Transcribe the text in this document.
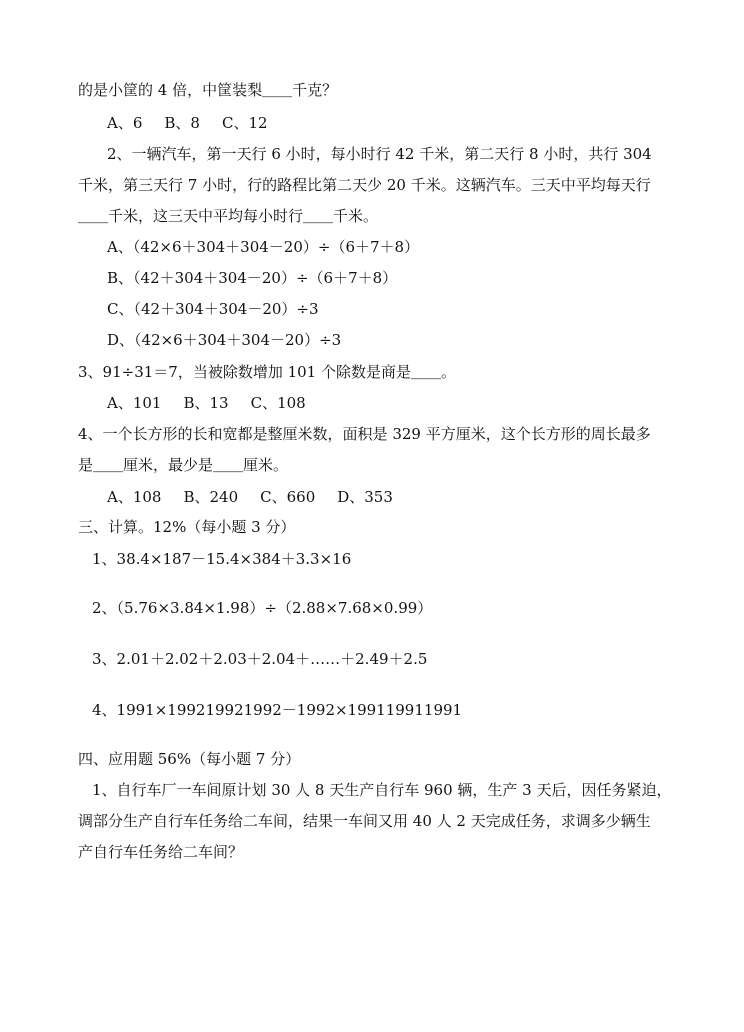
的是小筐的 4 倍，中筐装梨＿＿千克？
A、6 B、8 C、12
2、一辆汽车，第一天行 6 小时，每小时行 42 千米，第二天行 8 小时，共行 304
千米，第三天行 7 小时，行的路程比第二天少 20 千米。这辆汽车。三天中平均每天行
＿＿千米，这三天中平均每小时行＿＿千米。
A、（42×6＋304＋304－20）÷（6＋7＋8）
B、（42＋304＋304－20）÷（6＋7＋8）
C、（42＋304＋304－20）÷3
D、（42×6＋304＋304－20）÷3
3、91÷31＝7，当被除数增加 101 个除数是商是＿＿。
A、101 B、13 C、108
4、一个长方形的长和宽都是整厘米数，面积是 329 平方厘米，这个长方形的周长最多
是＿＿厘米，最少是＿＿厘米。
A、108 B、240 C、660 D、353
三、计算。12%（每小题 3 分）
1、38.4×187－15.4×384＋3.3×16
2、（5.76×3.84×1.98）÷（2.88×7.68×0.99）
3、2.01＋2.02＋2.03＋2.04＋……＋2.49＋2.5
4、1991×199219921992－1992×199119911991
四、应用题 56%（每小题 7 分）
1、自行车厂一车间原计划 30 人 8 天生产自行车 960 辆，生产 3 天后，因任务紧迫，
调部分生产自行车任务给二车间，结果一车间又用 40 人 2 天完成任务，求调多少辆生
产自行车任务给二车间？
